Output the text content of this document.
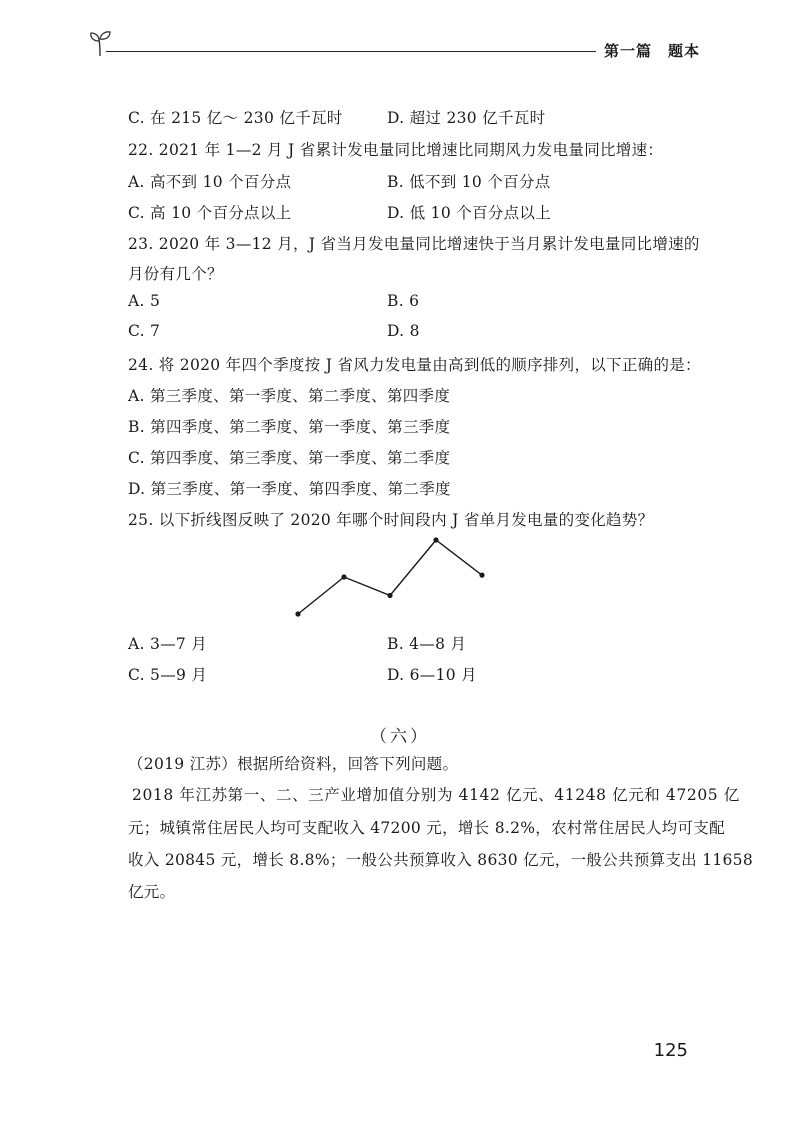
第一篇　题本
C. 在 215 亿～ 230 亿千瓦时	D. 超过 230 亿千瓦时
22. 2021 年 1—2 月 J 省累计发电量同比增速比同期风力发电量同比增速：
A. 高不到 10 个百分点	B. 低不到 10 个百分点
C. 高 10 个百分点以上	D. 低 10 个百分点以上
23. 2020 年 3—12 月，J 省当月发电量同比增速快于当月累计发电量同比增速的
月份有几个？
A. 5	B. 6
C. 7	D. 8
24. 将 2020 年四个季度按 J 省风力发电量由高到低的顺序排列，以下正确的是：
A. 第三季度、第一季度、第二季度、第四季度
B. 第四季度、第二季度、第一季度、第三季度
C. 第四季度、第三季度、第一季度、第二季度
D. 第三季度、第一季度、第四季度、第二季度
25. 以下折线图反映了 2020 年哪个时间段内 J 省单月发电量的变化趋势？
A. 3—7 月	B. 4—8 月
C. 5—9 月	D. 6—10 月
（六）
（2019 江苏）根据所给资料，回答下列问题。
2018 年江苏第一、二、三产业增加值分别为 4142 亿元、41248 亿元和 47205 亿
元；城镇常住居民人均可支配收入 47200 元，增长 8.2%，农村常住居民人均可支配
收入 20845 元，增长 8.8%；一般公共预算收入 8630 亿元，一般公共预算支出 11658
亿元。
125
